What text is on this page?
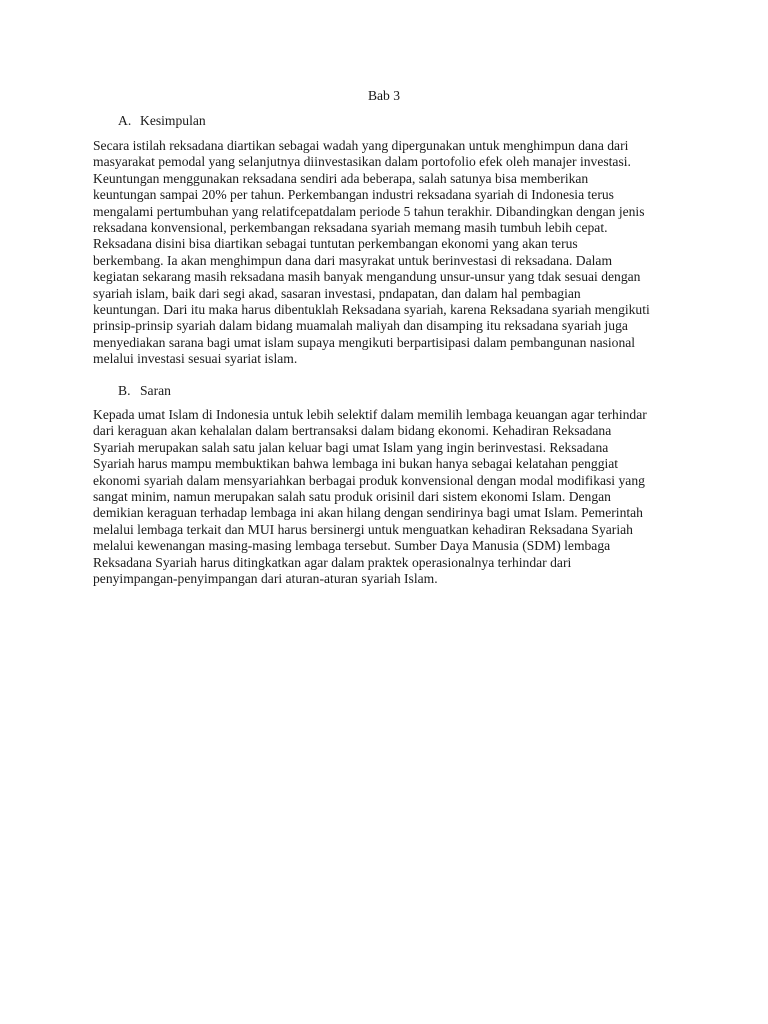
Bab 3
A. Kesimpulan

Secara istilah reksadana diartikan sebagai wadah yang dipergunakan untuk menghimpun dana dari
masyarakat pemodal yang selanjutnya diinvestasikan dalam portofolio efek oleh manajer investasi.
Keuntungan menggunakan reksadana sendiri ada beberapa, salah satunya bisa memberikan
keuntungan sampai 20% per tahun. Perkembangan industri reksadana syariah di Indonesia terus
mengalami pertumbuhan yang relatifcepatdalam periode 5 tahun terakhir. Dibandingkan dengan jenis
reksadana konvensional, perkembangan reksadana syariah memang masih tumbuh lebih cepat.
Reksadana disini bisa diartikan sebagai tuntutan perkembangan ekonomi yang akan terus
berkembang. Ia akan menghimpun dana dari masyrakat untuk berinvestasi di reksadana. Dalam
kegiatan sekarang masih reksadana masih banyak mengandung unsur-unsur yang tdak sesuai dengan
syariah islam, baik dari segi akad, sasaran investasi, pndapatan, dan dalam hal pembagian
keuntungan. Dari itu maka harus dibentuklah Reksadana syariah, karena Reksadana syariah mengikuti
prinsip-prinsip syariah dalam bidang muamalah maliyah dan disamping itu reksadana syariah juga
menyediakan sarana bagi umat islam supaya mengikuti berpartisipasi dalam pembangunan nasional
melalui investasi sesuai syariat islam.

B. Saran

Kepada umat Islam di Indonesia untuk lebih selektif dalam memilih lembaga keuangan agar terhindar
dari keraguan akan kehalalan dalam bertransaksi dalam bidang ekonomi. Kehadiran Reksadana
Syariah merupakan salah satu jalan keluar bagi umat Islam yang ingin berinvestasi. Reksadana
Syariah harus mampu membuktikan bahwa lembaga ini bukan hanya sebagai kelatahan penggiat
ekonomi syariah dalam mensyariahkan berbagai produk konvensional dengan modal modifikasi yang
sangat minim, namun merupakan salah satu produk orisinil dari sistem ekonomi Islam. Dengan
demikian keraguan terhadap lembaga ini akan hilang dengan sendirinya bagi umat Islam. Pemerintah
melalui lembaga terkait dan MUI harus bersinergi untuk menguatkan kehadiran Reksadana Syariah
melalui kewenangan masing-masing lembaga tersebut. Sumber Daya Manusia (SDM) lembaga
Reksadana Syariah harus ditingkatkan agar dalam praktek operasionalnya terhindar dari
penyimpangan-penyimpangan dari aturan-aturan syariah Islam.
